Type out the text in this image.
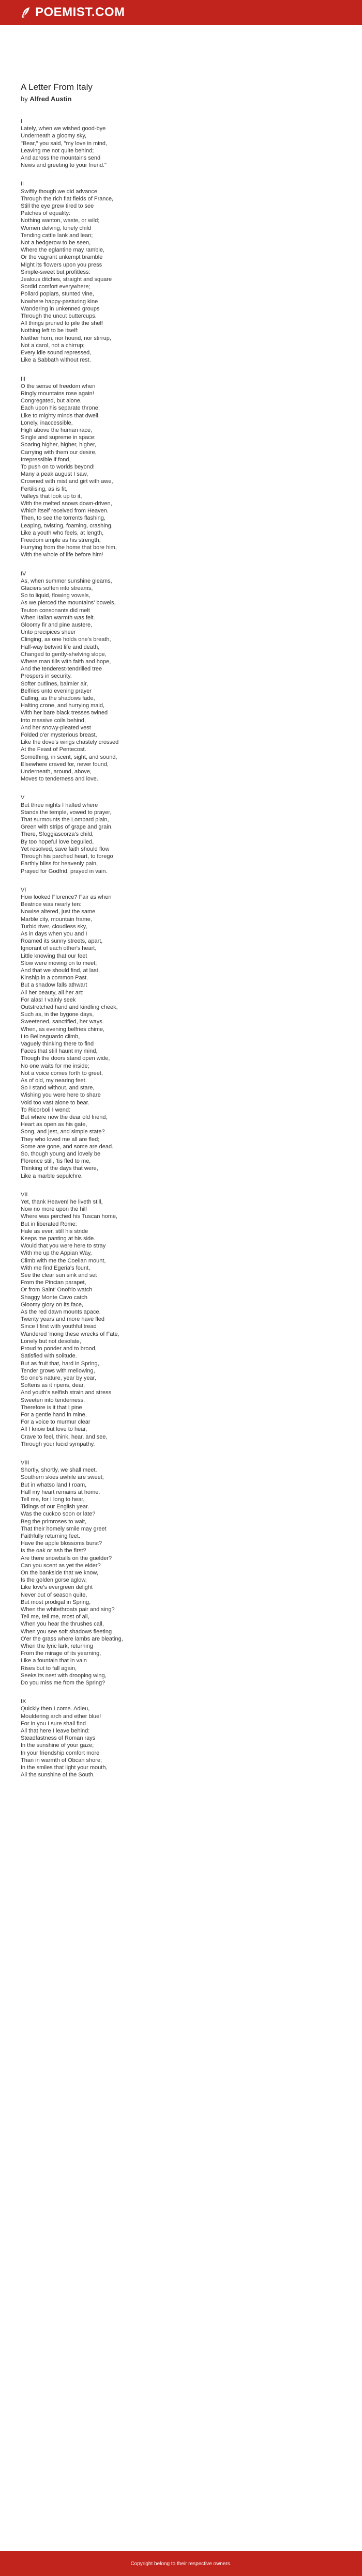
POEMIST.COM
A Letter From Italy
by Alfred Austin
I
Lately, when we wished good-bye
Underneath a gloomy sky,
"Bear," you said, "my love in mind,
Leaving me not quite behind;
And across the mountains send
News and greeting to your friend."
II
Swiftly though we did advance
Through the rich flat fields of France,
Still the eye grew tired to see
Patches of equality:
Nothing wanton, waste, or wild;
Women delving, lonely child
Tending cattle lank and lean;
Not a hedgerow to be seen,
Where the eglantine may ramble,
Or the vagrant unkempt bramble
Might its flowers upon you press
Simple-sweet but profitless:
Jealous ditches, straight and square
Sordid comfort everywhere;
Pollard poplars, stunted vine,
Nowhere happy-pasturing kine
Wandering in unkenned groups
Through the uncut buttercups.
All things pruned to pile the shelf
Nothing left to be itself:
Neither horn, nor hound, nor stirrup,
Not a carol, not a chirrup;
Every idle sound repressed,
Like a Sabbath without rest.
III
O the sense of freedom when
Ringly mountains rose again!
Congregated, but alone,
Each upon his separate throne;
Like to mighty minds that dwell,
Lonely, inaccessible,
High above the human race,
Single and supreme in space:
Soaring higher, higher, higher,
Carrying with them our desire,
Irrepressible if fond,
To push on to worlds beyond!
Many a peak august I saw,
Crowned with mist and girt with awe,
Fertilising, as is fit,
Valleys that look up to it,
With the melted snows down-driven,
Which itself received from Heaven.
Then, to see the torrents flashing,
Leaping, twisting, foaming, crashing,
Like a youth who feels, at length,
Freedom ample as his strength,
Hurrying from the home that bore him,
With the whole of life before him!
IV
As, when summer sunshine gleams,
Glaciers soften into streams,
So to liquid, flowing vowels,
As we pierced the mountains' bowels,
Teuton consonants did melt
When Italian warmth was felt.
Gloomy fir and pine austere,
Unto precipices sheer
Clinging, as one holds one's breath,
Half-way betwixt life and death,
Changed to gently-shelving slope,
Where man tills with faith and hope,
And the tenderest-tendrilled tree
Prospers in security.
Softer outlines, balmier air,
Belfries unto evening prayer
Calling, as the shadows fade,
Halting crone, and hurrying maid,
With her bare black tresses twined
Into massive coils behind,
And her snowy-pleated vest
Folded o'er mysterious breast,
Like the dove's wings chastely crossed
At the Feast of Pentecost.
Something, in scent, sight, and sound,
Elsewhere craved for, never found,
Underneath, around, above,
Moves to tenderness and love.
V
But three nights I halted where
Stands the temple, vowed to prayer,
That surmounts the Lombard plain,
Green with strips of grape and grain.
There, Sfoggiascorza's child,
By too hopeful love beguiled,
Yet resolved, save faith should flow
Through his parched heart, to forego
Earthly bliss for heavenly pain,
Prayed for Godfrid, prayed in vain.
VI
How looked Florence? Fair as when
Beatrice was nearly ten:
Nowise altered, just the same
Marble city, mountain frame,
Turbid river, cloudless sky,
As in days when you and I
Roamed its sunny streets, apart,
Ignorant of each other's heart,
Little knowing that our feet
Slow were moving on to meet;
And that we should find, at last,
Kinship in a common Past.
But a shadow falls athwart
All her beauty, all her art:
For alas! I vainly seek
Outstretched hand and kindling cheek,
Such as, in the bygone days,
Sweetened, sanctified, her ways.
When, as evening belfries chime,
I to Bellosguardo climb,
Vaguely thinking there to find
Faces that still haunt my mind,
Though the doors stand open wide,
No one waits for me inside;
Not a voice comes forth to greet,
As of old, my nearing feet.
So I stand without, and stare,
Wishing you were here to share
Void too vast alone to bear.
To Ricorboli I wend:
But where now the dear old friend,
Heart as open as his gate,
Song, and jest, and simple state?
They who loved me all are fled;
Some are gone, and some are dead.
So, though young and lovely be
Florence still, 'tis fled to me,
Thinking of the days that were,
Like a marble sepulchre.
VII
Yet, thank Heaven! he liveth still,
Now no more upon the hill
Where was perched his Tuscan home,
But in liberated Rome:
Hale as ever, still his stride
Keeps me panting at his side.
Would that you were here to stray
With me up the Appian Way,
Climb with me the Coelian mount,
With me find Egeria's fount,
See the clear sun sink and set
From the Pincian parapet,
Or from Saint' Onofrio watch
Shaggy Monte Cavo catch
Gloomy glory on its face,
As the red dawn mounts apace.
Twenty years and more have fled
Since I first with youthful tread
Wandered 'mong these wrecks of Fate,
Lonely but not desolate,
Proud to ponder and to brood,
Satisfied with solitude.
But as fruit that, hard in Spring,
Tender grows with mellowing,
So one's nature, year by year,
Softens as it ripens, dear,
And youth's selfish strain and stress
Sweeten into tenderness.
Therefore is it that I pine
For a gentle hand in mine,
For a voice to murmur clear
All I know but love to hear,
Crave to feel, think, hear, and see,
Through your lucid sympathy.
VIII
Shortly, shortly, we shall meet.
Southern skies awhile are sweet;
But in whatso land I roam,
Half my heart remains at home.
Tell me, for I long to hear,
Tidings of our English year.
Was the cuckoo soon or late?
Beg the primroses to wait,
That their homely smile may greet
Faithfully returning feet.
Have the apple blossoms burst?
Is the oak or ash the first?
Are there snowballs on the guelder?
Can you scent as yet the elder?
On the bankside that we know,
Is the golden gorse aglow,
Like love's evergreen delight
Never out of season quite,
But most prodigal in Spring,
When the whitethroats pair and sing?
Tell me, tell me, most of all,
When you hear the thrushes call,
When you see soft shadows fleeting
O'er the grass where lambs are bleating,
When the lyric lark, returning
From the mirage of its yearning,
Like a fountain that in vain
Rises but to fall again,
Seeks its nest with drooping wing,
Do you miss me from the Spring?
IX
Quickly then I come. Adieu,
Mouldering arch and ether blue!
For in you I sure shall find
All that here I leave behind:
Steadfastness of Roman rays
In the sunshine of your gaze;
In your friendship comfort more
Than in warmth of Obcan shore;
In the smiles that light your mouth,
All the sunshine of the South.
Copyright belong to their respective owners.
